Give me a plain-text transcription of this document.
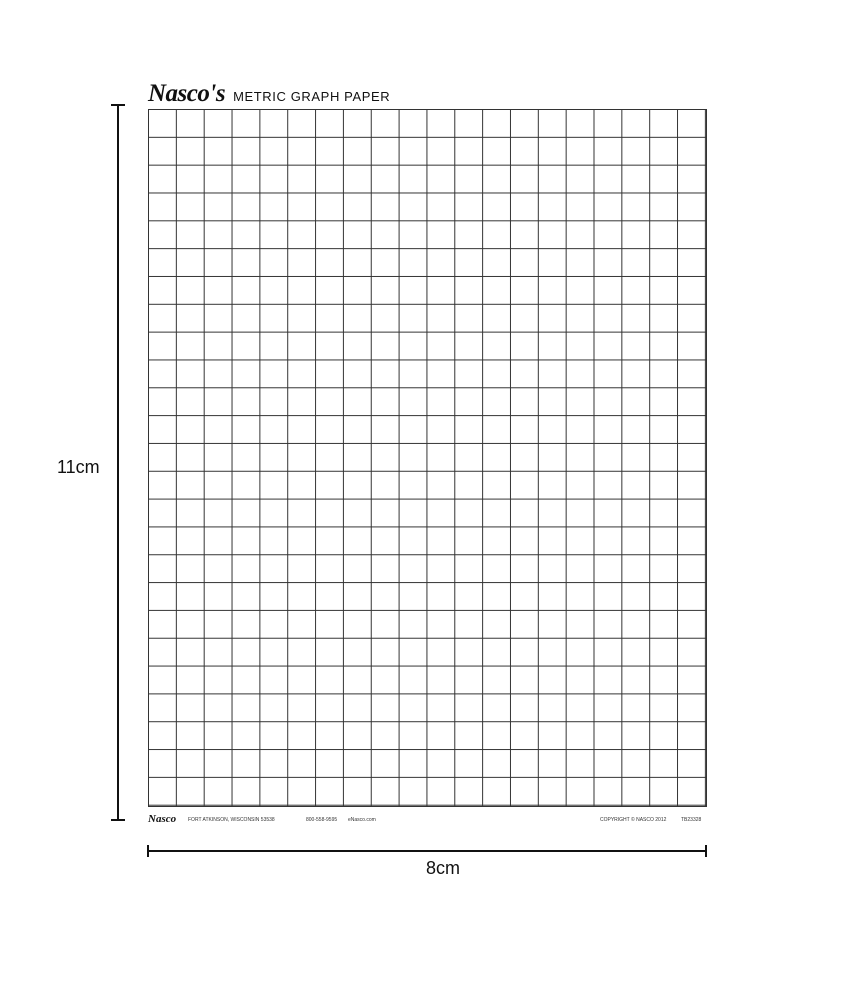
Nasco's METRIC GRAPH PAPER
Nasco FORT ATKINSON, WISCONSIN 53538	800-558-9595 eNasco.com	COPYRIGHT © NASCO 2012	TB23328
11cm
8cm
